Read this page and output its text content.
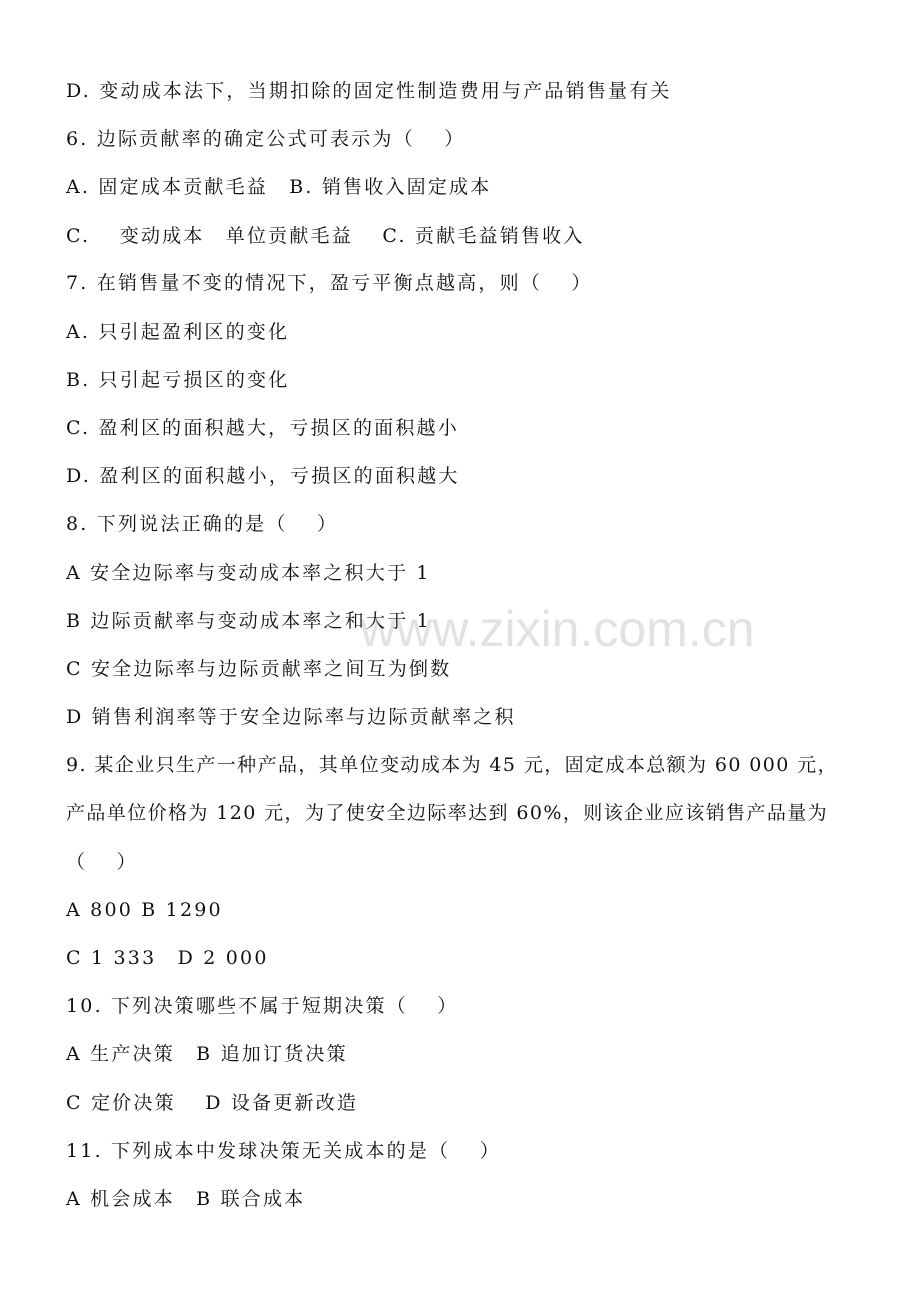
www.zixin.com.cn
D. 变动成本法下，当期扣除的固定性制造费用与产品销售量有关
6. 边际贡献率的确定公式可表示为（　 ）
A. 固定成本贡献毛益　B. 销售收入固定成本
C.　 变动成本　单位贡献毛益　 C. 贡献毛益销售收入
7. 在销售量不变的情况下，盈亏平衡点越高，则（　 ）
A. 只引起盈利区的变化
B. 只引起亏损区的变化
C. 盈利区的面积越大，亏损区的面积越小
D. 盈利区的面积越小，亏损区的面积越大
8. 下列说法正确的是（　 ）
A 安全边际率与变动成本率之积大于 1
B 边际贡献率与变动成本率之和大于 1
C 安全边际率与边际贡献率之间互为倒数
D 销售利润率等于安全边际率与边际贡献率之积
9. 某企业只生产一种产品，其单位变动成本为 45 元，固定成本总额为 60 000 元，
产品单位价格为 120 元，为了使安全边际率达到 60%，则该企业应该销售产品量为
（　 ）
A 800 B 1290
C 1 333　D 2 000
10. 下列决策哪些不属于短期决策（　 ）
A 生产决策　B 追加订货决策
C 定价决策　 D 设备更新改造
11. 下列成本中发球决策无关成本的是（　 ）
A 机会成本　B 联合成本
